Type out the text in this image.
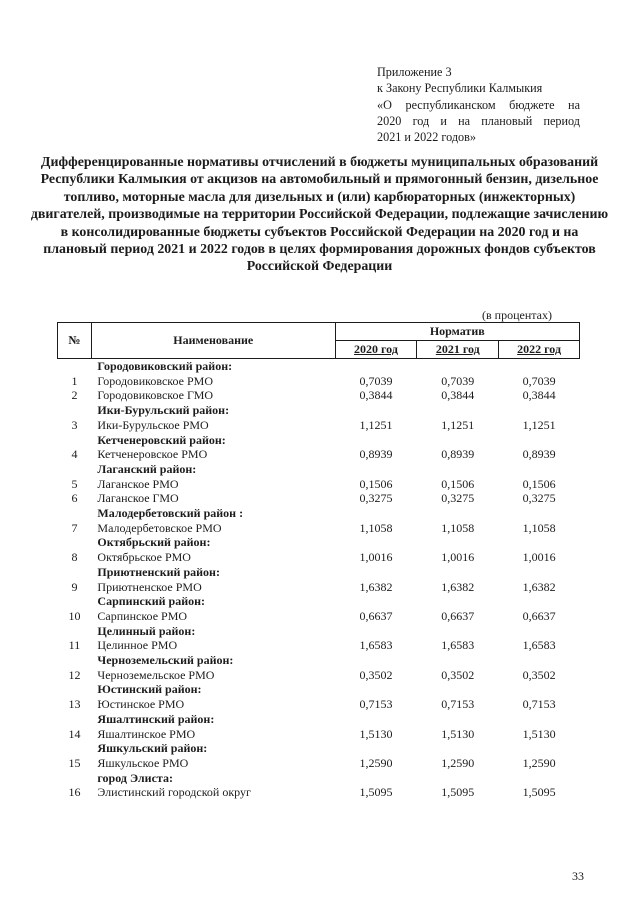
Приложение 3
к Закону Республики Калмыкия
«О республиканском бюджете на
2020 год и на плановый период
2021 и 2022 годов»
Дифференцированные нормативы отчислений в бюджеты муниципальных образований Республики Калмыкия от акцизов на автомобильный и прямогонный бензин, дизельное топливо, моторные масла для дизельных и (или) карбюраторных (инжекторных) двигателей, производимые на территории Российской Федерации, подлежащие зачислению в консолидированные бюджеты субъектов Российской Федерации на 2020 год и на плановый период 2021 и 2022 годов в целях формирования дорожных фондов субъектов Российской Федерации
(в процентах)
№	Наименование	Норматив		
		2020 год	2021 год	2022 год
	Городовиковский район:			
1	Городовиковское РМО	0,7039	0,7039	0,7039
2	Городовиковское ГМО	0,3844	0,3844	0,3844
	Ики-Бурульский район:			
3	Ики-Бурульское РМО	1,1251	1,1251	1,1251
	Кетченеровский район:			
4	Кетченеровское РМО	0,8939	0,8939	0,8939
	Лаганский район:			
5	Лаганское РМО	0,1506	0,1506	0,1506
6	Лаганское ГМО	0,3275	0,3275	0,3275
	Малодербетовский район :			
7	Малодербетовское РМО	1,1058	1,1058	1,1058
	Октябрьский район:			
8	Октябрьское РМО	1,0016	1,0016	1,0016
	Приютненский район:			
9	Приютненское РМО	1,6382	1,6382	1,6382
	Сарпинский район:			
10	Сарпинское РМО	0,6637	0,6637	0,6637
	Целинный район:			
11	Целинное РМО	1,6583	1,6583	1,6583
	Черноземельский район:			
12	Черноземельское РМО	0,3502	0,3502	0,3502
	Юстинский район:			
13	Юстинское РМО	0,7153	0,7153	0,7153
	Яшалтинский район:			
14	Яшалтинское РМО	1,5130	1,5130	1,5130
	Яшкульский район:			
15	Яшкульское РМО	1,2590	1,2590	1,2590
	город Элиста:			
16	Элистинский городской округ	1,5095	1,5095	1,5095
33
